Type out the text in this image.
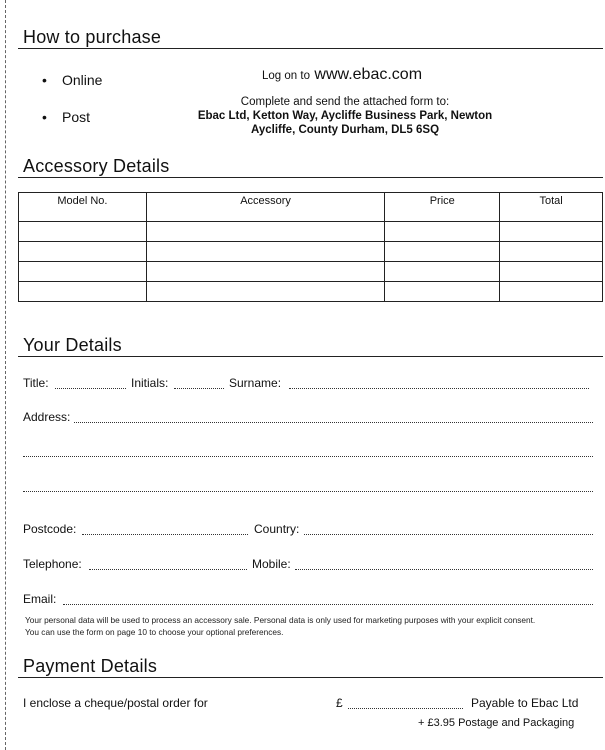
How to purchase
• Online
• Post
Log on to www.ebac.com
Complete and send the attached form to:
Ebac Ltd, Ketton Way, Aycliffe Business Park, Newton
Aycliffe, County Durham, DL5 6SQ
Accessory Details
Model No.	Accessory	Price	Total

Your Details
Title:	Initials:	Surname:
Address:
Postcode:	Country:
Telephone:	Mobile:
Email:
Your personal data will be used to process an accessory sale. Personal data is only used for marketing purposes with your explicit consent.
You can use the form on page 10 to choose your optional preferences.
Payment Details
I enclose a cheque/postal order for	£	Payable to Ebac Ltd
+ £3.95 Postage and Packaging
